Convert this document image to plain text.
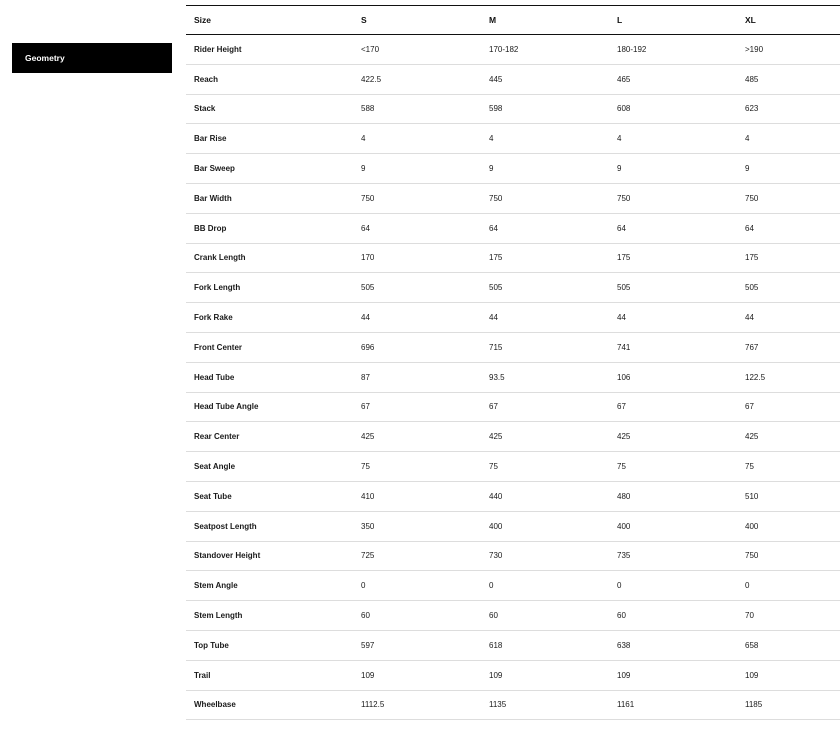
Geometry
Size	S	M	L	XL
Rider Height	<170	170-182	180-192	>190
Reach	422.5	445	465	485
Stack	588	598	608	623
Bar Rise	4	4	4	4
Bar Sweep	9	9	9	9
Bar Width	750	750	750	750
BB Drop	64	64	64	64
Crank Length	170	175	175	175
Fork Length	505	505	505	505
Fork Rake	44	44	44	44
Front Center	696	715	741	767
Head Tube	87	93.5	106	122.5
Head Tube Angle	67	67	67	67
Rear Center	425	425	425	425
Seat Angle	75	75	75	75
Seat Tube	410	440	480	510
Seatpost Length	350	400	400	400
Standover Height	725	730	735	750
Stem Angle	0	0	0	0
Stem Length	60	60	60	70
Top Tube	597	618	638	658
Trail	109	109	109	109
Wheelbase	1112.5	1135	1161	1185
